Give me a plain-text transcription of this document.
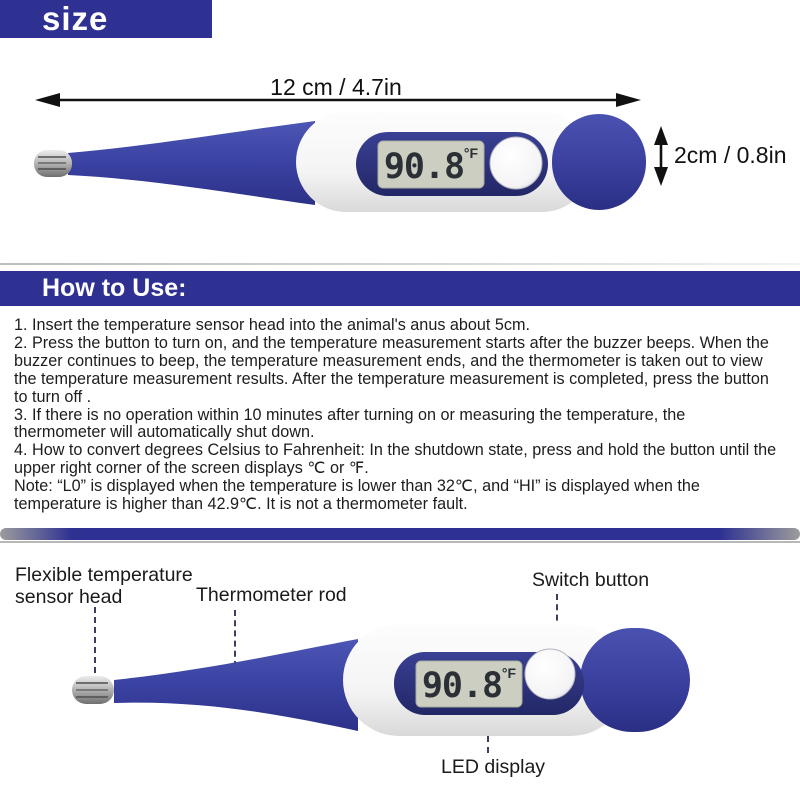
size
12 cm / 4.7in
90.8 °F	2cm / 0.8in
How to Use:

1. Insert the temperature sensor head into the animal's anus about 5cm.

2. Press the button to turn on, and the temperature measurement starts after the buzzer beeps. When the buzzer continues to beep, the temperature measurement ends, and the thermometer is taken out to view the temperature measurement results. After the temperature measurement is completed, press the button to turn off .

3. If there is no operation within 10 minutes after turning on or measuring the temperature, the thermometer will automatically shut down.

4. How to convert degrees Celsius to Fahrenheit: In the shutdown state, press and hold the button until the upper right corner of the screen displays ℃ or ℉.

Note: “L0” is displayed when the temperature is lower than 32℃, and “HI” is displayed when the temperature is higher than 42.9℃. It is not a thermometer fault.

Flexible temperature sensor head	Thermometer rod
Switch button
LED display
90.8 °F
